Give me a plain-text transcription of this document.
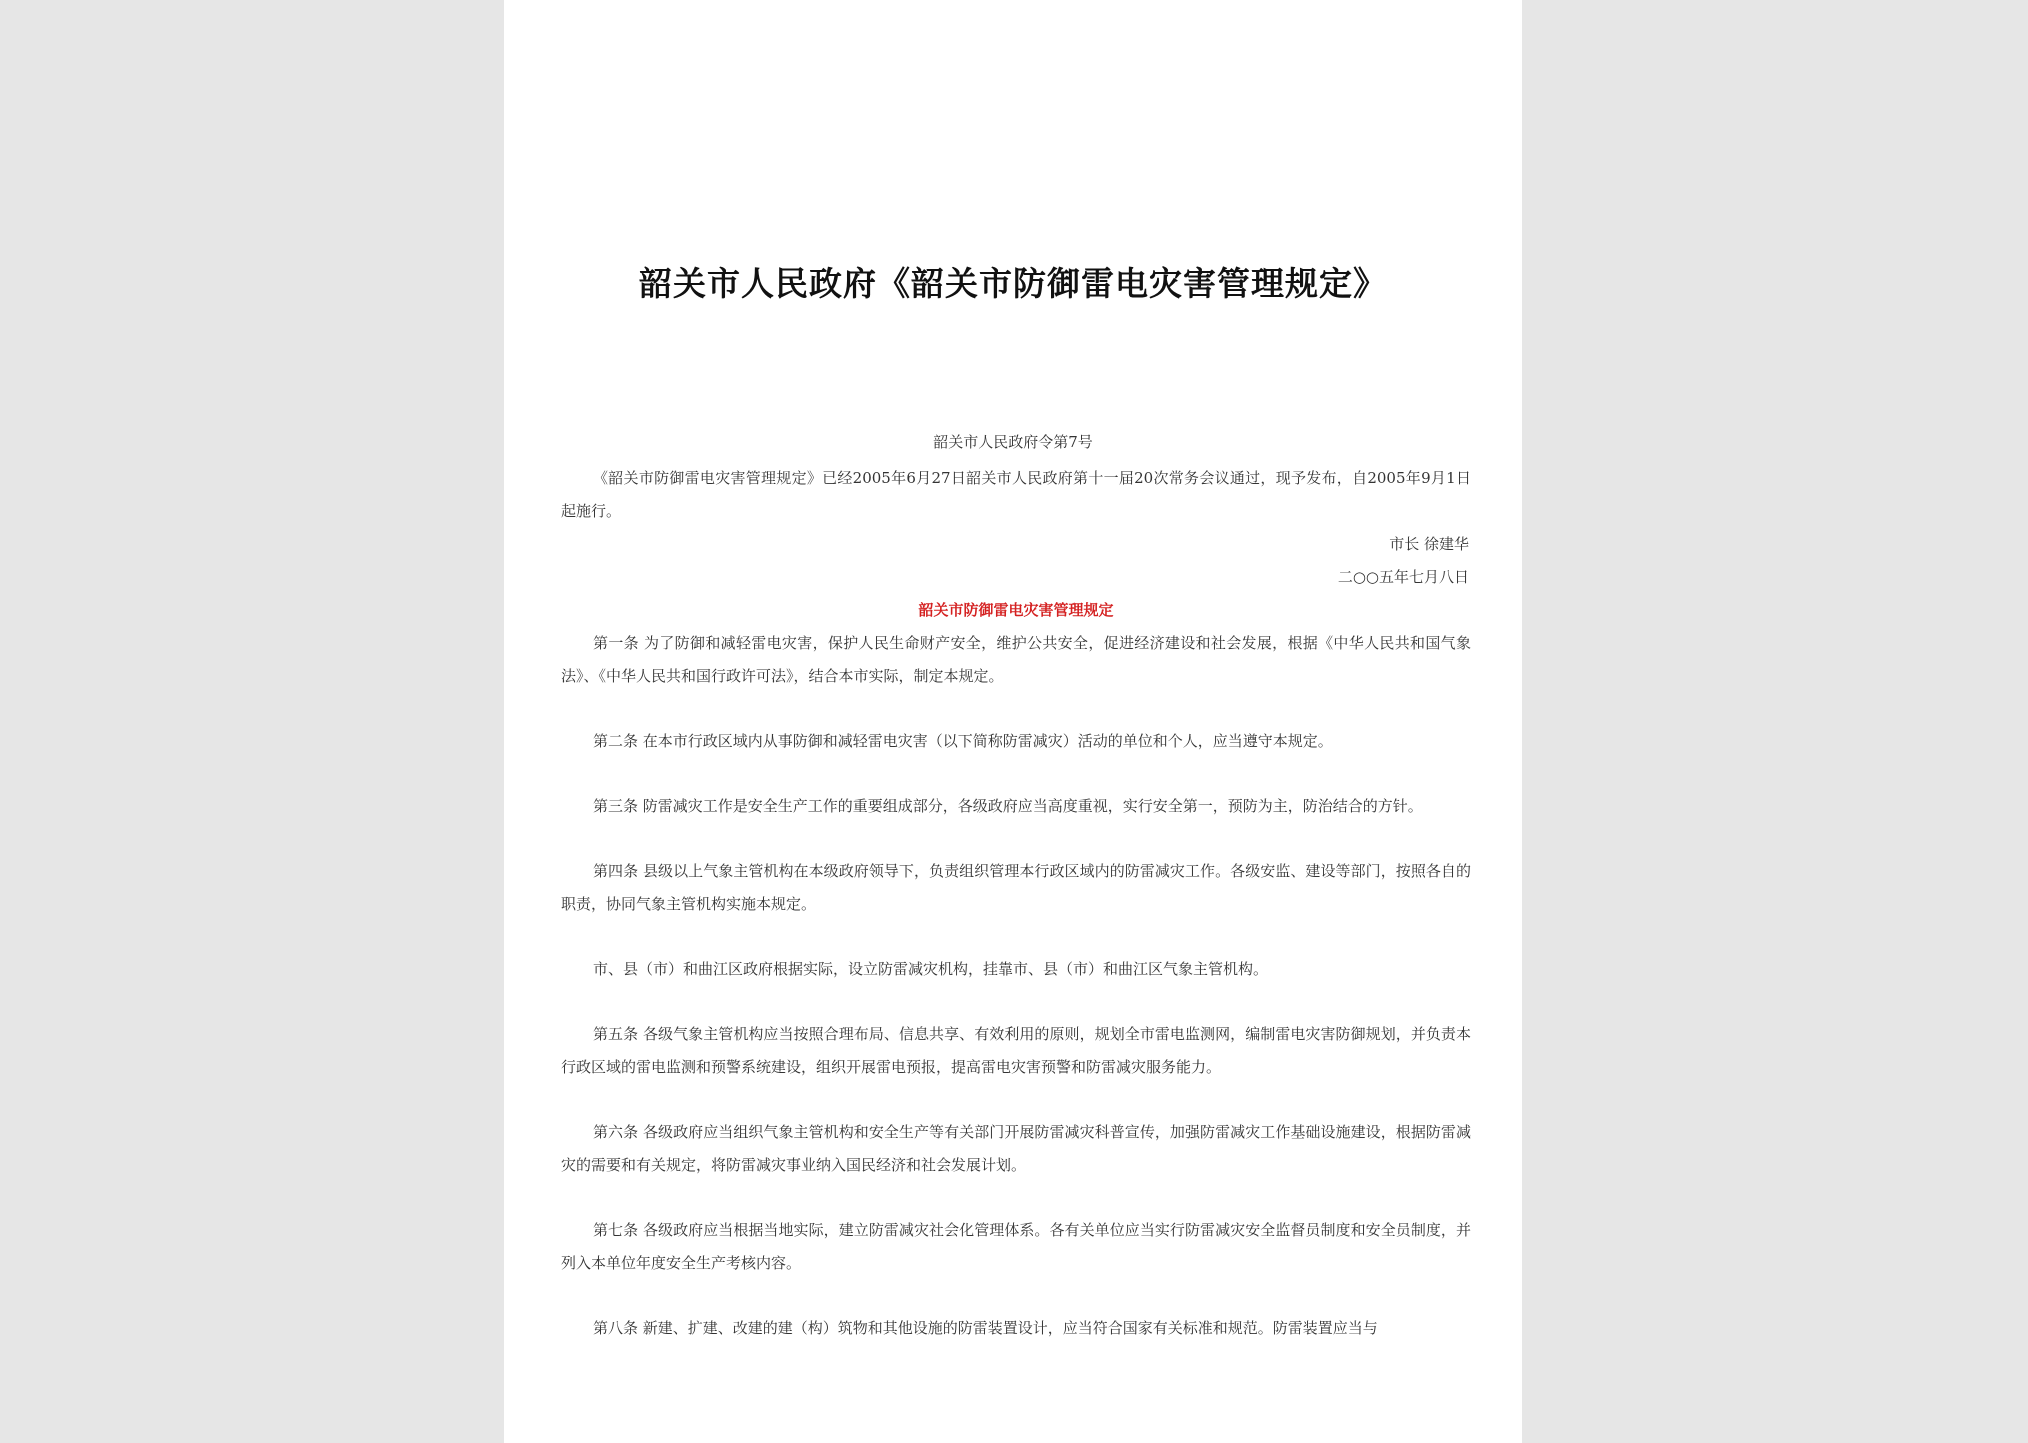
韶关市人民政府《韶关市防御雷电灾害管理规定》
韶关市人民政府令第7号

《韶关市防御雷电灾害管理规定》已经2005年6月27日韶关市人民政府第十一届20次常务会议通过，现予发布，自2005年9月1日起施行。

市长 徐建华

二○○五年七月八日

韶关市防御雷电灾害管理规定

第一条 为了防御和减轻雷电灾害，保护人民生命财产安全，维护公共安全，促进经济建设和社会发展，根据《中华人民共和国气象法》、《中华人民共和国行政许可法》，结合本市实际，制定本规定。

第二条 在本市行政区域内从事防御和减轻雷电灾害（以下简称防雷减灾）活动的单位和个人，应当遵守本规定。

第三条 防雷减灾工作是安全生产工作的重要组成部分，各级政府应当高度重视，实行安全第一，预防为主，防治结合的方针。

第四条 县级以上气象主管机构在本级政府领导下，负责组织管理本行政区域内的防雷减灾工作。各级安监、建设等部门，按照各自的职责，协同气象主管机构实施本规定。

市、县（市）和曲江区政府根据实际，设立防雷减灾机构，挂靠市、县（市）和曲江区气象主管机构。

第五条 各级气象主管机构应当按照合理布局、信息共享、有效利用的原则，规划全市雷电监测网，编制雷电灾害防御规划，并负责本行政区域的雷电监测和预警系统建设，组织开展雷电预报，提高雷电灾害预警和防雷减灾服务能力。

第六条 各级政府应当组织气象主管机构和安全生产等有关部门开展防雷减灾科普宣传，加强防雷减灾工作基础设施建设，根据防雷减灾的需要和有关规定，将防雷减灾事业纳入国民经济和社会发展计划。

第七条 各级政府应当根据当地实际，建立防雷减灾社会化管理体系。各有关单位应当实行防雷减灾安全监督员制度和安全员制度，并列入本单位年度安全生产考核内容。

第八条 新建、扩建、改建的建（构）筑物和其他设施的防雷装置设计，应当符合国家有关标准和规范。防雷装置应当与
